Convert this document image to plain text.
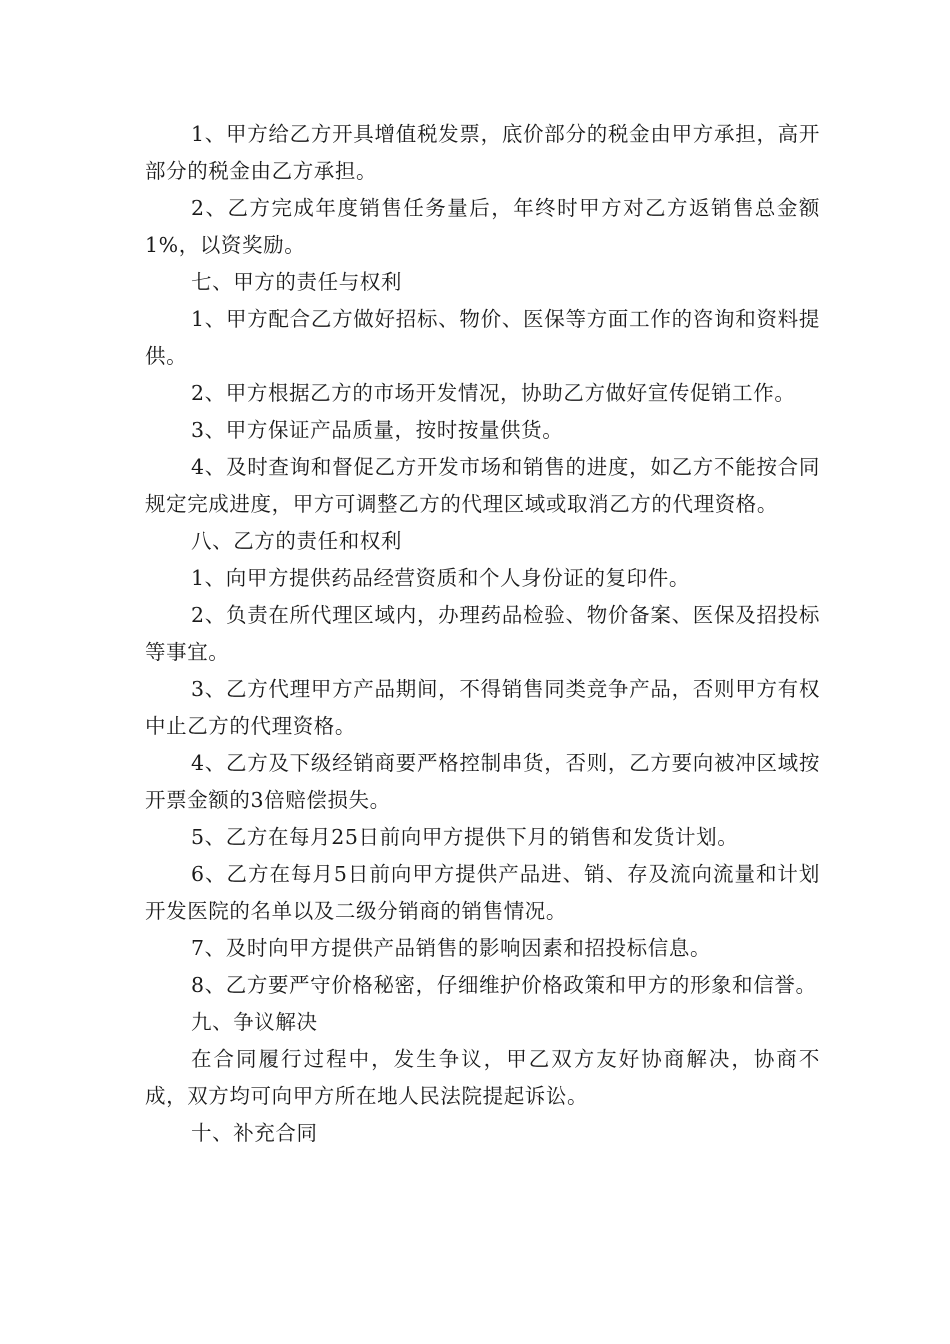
1、甲方给乙方开具增值税发票，底价部分的税金由甲方承担，高开部分的税金由乙方承担。

2、乙方完成年度销售任务量后，年终时甲方对乙方返销售总金额1%，以资奖励。

七、甲方的责任与权利

1、甲方配合乙方做好招标、物价、医保等方面工作的咨询和资料提供。

2、甲方根据乙方的市场开发情况，协助乙方做好宣传促销工作。

3、甲方保证产品质量，按时按量供货。

4、及时查询和督促乙方开发市场和销售的进度，如乙方不能按合同规定完成进度，甲方可调整乙方的代理区域或取消乙方的代理资格。

八、乙方的责任和权利

1、向甲方提供药品经营资质和个人身份证的复印件。

2、负责在所代理区域内，办理药品检验、物价备案、医保及招投标等事宜。

3、乙方代理甲方产品期间，不得销售同类竞争产品，否则甲方有权中止乙方的代理资格。

4、乙方及下级经销商要严格控制串货，否则，乙方要向被冲区域按开票金额的3倍赔偿损失。

5、乙方在每月25日前向甲方提供下月的销售和发货计划。

6、乙方在每月5日前向甲方提供产品进、销、存及流向流量和计划开发医院的名单以及二级分销商的销售情况。

7、及时向甲方提供产品销售的影响因素和招投标信息。

8、乙方要严守价格秘密，仔细维护价格政策和甲方的形象和信誉。

九、争议解决

在合同履行过程中，发生争议，甲乙双方友好协商解决，协商不成，双方均可向甲方所在地人民法院提起诉讼。

十、补充合同
